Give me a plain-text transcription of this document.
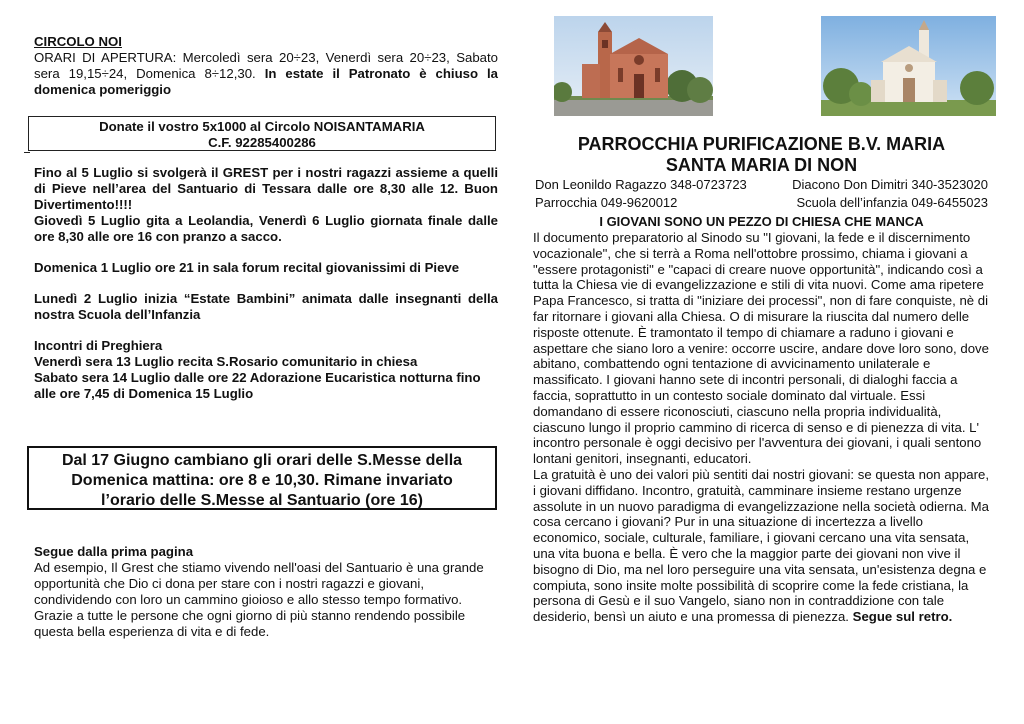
CIRCOLO NOI

ORARI DI APERTURA: Mercoledì sera 20÷23, Venerdì sera 20÷23, Sabato sera 19,15÷24, Domenica 8÷12,30. In estate il Patronato è chiuso la domenica pomeriggio

Donate il vostro 5x1000 al Circolo NOISANTAMARIA
C.F. 92285400286

Fino al 5 Luglio si svolgerà il GREST per i nostri ragazzi assieme a quelli di Pieve nell’area del Santuario di Tessara dalle ore 8,30 alle 12. Buon Divertimento!!!!

Giovedì 5 Luglio gita a Leolandia, Venerdì 6 Luglio giornata finale dalle ore 8,30 alle ore 16 con pranzo a sacco.

Domenica 1 Luglio ore 21 in sala forum recital giovanissimi di Pieve

Lunedì 2 Luglio inizia “Estate Bambini” animata dalle insegnanti della nostra Scuola dell’Infanzia

Incontri di Preghiera

Venerdì sera 13 Luglio recita S.Rosario comunitario in chiesa

Sabato sera 14 Luglio dalle ore 22 Adorazione Eucaristica notturna fino alle ore 7,45 di Domenica 15 Luglio

Dal 17 Giugno cambiano gli orari delle S.Messe della Domenica mattina: ore 8 e 10,30. Rimane invariato l’orario delle S.Messe al Santuario (ore 16)

Segue dalla prima pagina

Ad esempio, Il Grest che stiamo vivendo nell'oasi del Santuario è una grande opportunità che Dio ci dona per stare con i nostri ragazzi e giovani, condividendo con loro un cammino gioioso e allo stesso tempo formativo. Grazie a tutte le persone che ogni giorno di più stanno rendendo possibile questa bella esperienza di vita e di fede.

PARROCCHIA PURIFICAZIONE B.V. MARIA
SANTA MARIA DI NON
Don Leonildo Ragazzo 348-0723723	Diacono Don Dimitri 340-3523020
Parrocchia 049-9620012	Scuola dell’infanzia 049-6455023
I GIOVANI SONO UN PEZZO DI CHIESA CHE MANCA

Il documento preparatorio al Sinodo su "I giovani, la fede e il discernimento vocazionale", che si terrà a Roma nell'ottobre prossimo, chiama i giovani a "essere protagonisti" e "capaci di creare nuove opportunità", indicando così a tutta la Chiesa vie di evangelizzazione e stili di vita nuovi. Come ama ripetere Papa Francesco, si tratta di "iniziare dei processi", non di fare conquiste, nè di far ritornare i giovani alla Chiesa. O di misurare la riuscita dal numero delle risposte ottenute. È tramontato il tempo di chiamare a raduno i giovani e aspettare che siano loro a venire: occorre uscire, andare dove loro sono, dove abitano, combattendo ogni tentazione di avvicinamento unilaterale e massificato. I giovani hanno sete di incontri personali, di dialoghi faccia a faccia, soprattutto in un contesto sociale dominato dal virtuale. Essi domandano di essere riconosciuti, ciascuno nella propria individualità, ciascuno lungo il proprio cammino di ricerca di senso e di pienezza di vita. L' incontro personale è oggi decisivo per l'avventura dei giovani, i quali sentono lontani genitori, insegnanti, educatori.

La gratuità è uno dei valori più sentiti dai nostri giovani: se questa non appare, i giovani diffidano. Incontro, gratuità, camminare insieme restano urgenze assolute in un nuovo paradigma di evangelizzazione nella società odierna. Ma cosa cercano i giovani? Pur in una situazione di incertezza a livello economico, sociale, culturale, familiare, i giovani cercano una vita sensata, una vita buona e bella. È vero che la maggior parte dei giovani non vive il bisogno di Dio, ma nel loro perseguire una vita sensata, un'esistenza degna e compiuta, sono insite molte possibilità di scoprire come la fede cristiana, la persona di Gesù e il suo Vangelo, siano non in contraddizione con tale desiderio, bensì un aiuto e una promessa di pienezza. Segue sul retro.
